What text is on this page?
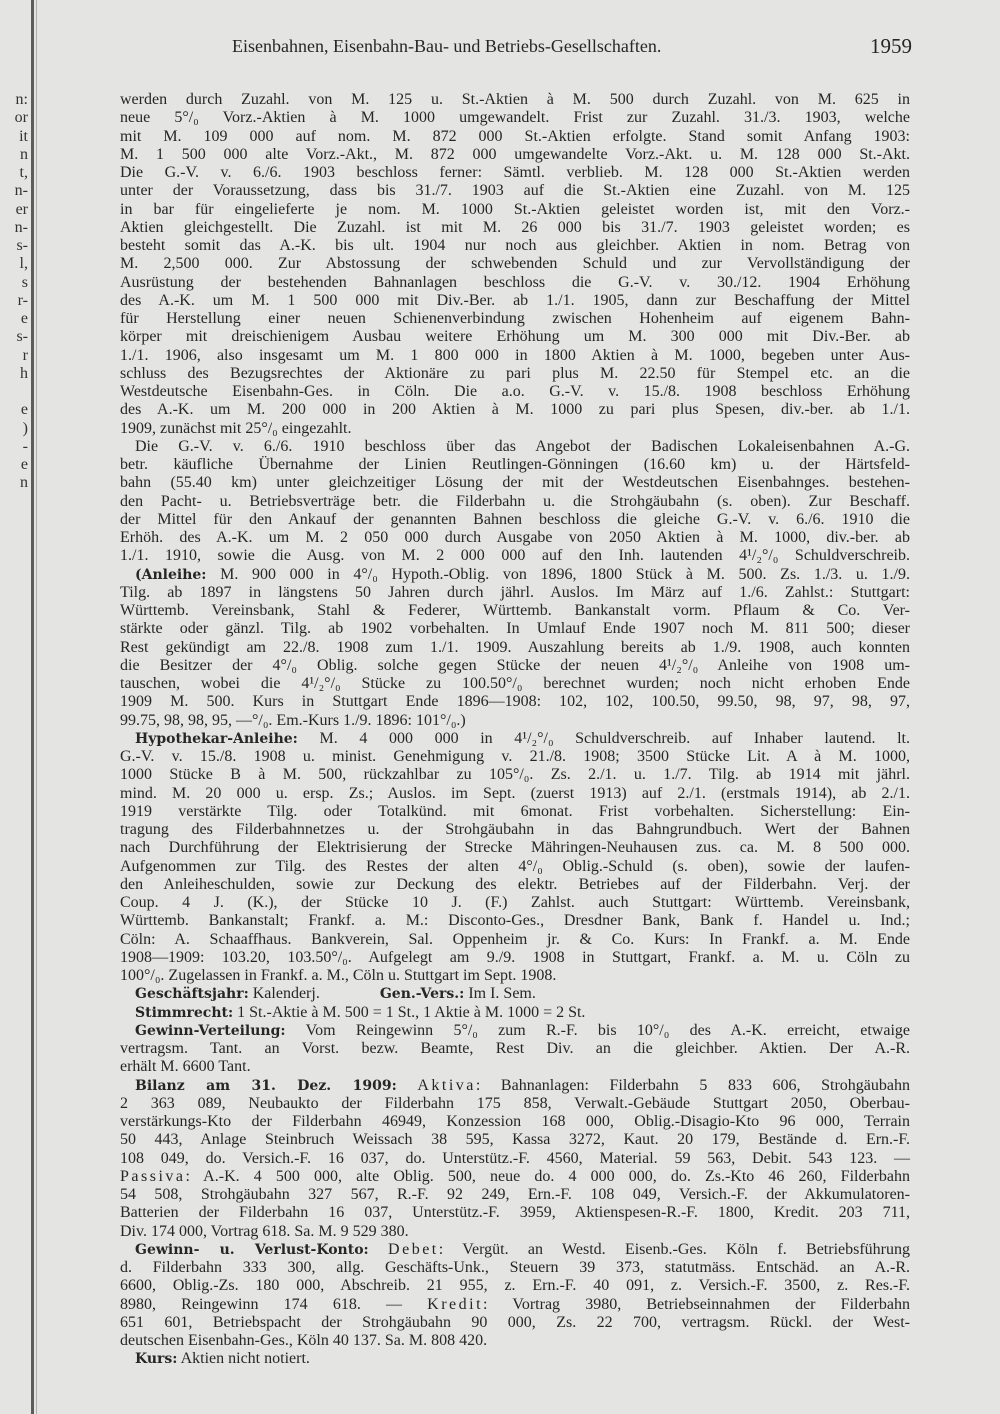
n:
or
it
n
t,
n-
er
n-
s-
l,
s
r-
e
s-
r
h
e
)
-
e
n
Eisenbahnen, Eisenbahn-Bau- und Betriebs-Gesellschaften.	1959
werden durch Zuzahl. von M. 125 u. St.-Aktien à M. 500 durch Zuzahl. von M. 625 in
neue 5°/₀ Vorz.-Aktien à M. 1000 umgewandelt. Frist zur Zuzahl. 31./3. 1903, welche
mit M. 109 000 auf nom. M. 872 000 St.-Aktien erfolgte. Stand somit Anfang 1903:
M. 1 500 000 alte Vorz.-Akt., M. 872 000 umgewandelte Vorz.-Akt. u. M. 128 000 St.-Akt.
Die G.-V. v. 6./6. 1903 beschloss ferner: Sämtl. verblieb. M. 128 000 St.-Aktien werden
unter der Voraussetzung, dass bis 31./7. 1903 auf die St.-Aktien eine Zuzahl. von M. 125
in bar für eingelieferte je nom. M. 1000 St.-Aktien geleistet worden ist, mit den Vorz.-
Aktien gleichgestellt. Die Zuzahl. ist mit M. 26 000 bis 31./7. 1903 geleistet worden; es
besteht somit das A.-K. bis ult. 1904 nur noch aus gleichber. Aktien in nom. Betrag von
M. 2,500 000. Zur Abstossung der schwebenden Schuld und zur Vervollständigung der
Ausrüstung der bestehenden Bahnanlagen beschloss die G.-V. v. 30./12. 1904 Erhöhung
des A.-K. um M. 1 500 000 mit Div.-Ber. ab 1./1. 1905, dann zur Beschaffung der Mittel
für Herstellung einer neuen Schienenverbindung zwischen Hohenheim auf eigenem Bahn-
körper mit dreischienigem Ausbau weitere Erhöhung um M. 300 000 mit Div.-Ber. ab
1./1. 1906, also insgesamt um M. 1 800 000 in 1800 Aktien à M. 1000, begeben unter Aus-
schluss des Bezugsrechtes der Aktionäre zu pari plus M. 22.50 für Stempel etc. an die
Westdeutsche Eisenbahn-Ges. in Cöln. Die a.o. G.-V. v. 15./8. 1908 beschloss Erhöhung
des A.-K. um M. 200 000 in 200 Aktien à M. 1000 zu pari plus Spesen, div.-ber. ab 1./1.
1909, zunächst mit 25°/₀ eingezahlt.
Die G.-V. v. 6./6. 1910 beschloss über das Angebot der Badischen Lokaleisenbahnen A.-G.
betr. käufliche Übernahme der Linien Reutlingen-Gönningen (16.60 km) u. der Härtsfeld-
bahn (55.40 km) unter gleichzeitiger Lösung der mit der Westdeutschen Eisenbahnges. bestehen-
den Pacht- u. Betriebsverträge betr. die Filderbahn u. die Strohgäubahn (s. oben). Zur Beschaff.
der Mittel für den Ankauf der genannten Bahnen beschloss die gleiche G.-V. v. 6./6. 1910 die
Erhöh. des A.-K. um M. 2 050 000 durch Ausgabe von 2050 Aktien à M. 1000, div.-ber. ab
1./1. 1910, sowie die Ausg. von M. 2 000 000 auf den Inh. lautenden 4¹/₂°/₀ Schuldverschreib.
(Anleihe: M. 900 000 in 4°/₀ Hypoth.-Oblig. von 1896, 1800 Stück à M. 500. Zs. 1./3. u. 1./9.
Tilg. ab 1897 in längstens 50 Jahren durch jährl. Auslos. Im März auf 1./6. Zahlst.: Stuttgart:
Württemb. Vereinsbank, Stahl & Federer, Württemb. Bankanstalt vorm. Pflaum & Co. Ver-
stärkte oder gänzl. Tilg. ab 1902 vorbehalten. In Umlauf Ende 1907 noch M. 811 500; dieser
Rest gekündigt am 22./8. 1908 zum 1./1. 1909. Auszahlung bereits ab 1./9. 1908, auch konnten
die Besitzer der 4°/₀ Oblig. solche gegen Stücke der neuen 4¹/₂°/₀ Anleihe von 1908 um-
tauschen, wobei die 4¹/₂°/₀ Stücke zu 100.50°/₀ berechnet wurden; noch nicht erhoben Ende
1909 M. 500. Kurs in Stuttgart Ende 1896—1908: 102, 102, 100.50, 99.50, 98, 97, 98, 97,
99.75, 98, 98, 95, —°/₀. Em.-Kurs 1./9. 1896: 101°/₀.)
Hypothekar-Anleihe: M. 4 000 000 in 4¹/₂°/₀ Schuldverschreib. auf Inhaber lautend. lt.
G.-V. v. 15./8. 1908 u. minist. Genehmigung v. 21./8. 1908; 3500 Stücke Lit. A à M. 1000,
1000 Stücke B à M. 500, rückzahlbar zu 105°/₀. Zs. 2./1. u. 1./7. Tilg. ab 1914 mit jährl.
mind. M. 20 000 u. ersp. Zs.; Auslos. im Sept. (zuerst 1913) auf 2./1. (erstmals 1914), ab 2./1.
1919 verstärkte Tilg. oder Totalkünd. mit 6monat. Frist vorbehalten. Sicherstellung: Ein-
tragung des Filderbahnnetzes u. der Strohgäubahn in das Bahngrundbuch. Wert der Bahnen
nach Durchführung der Elektrisierung der Strecke Mähringen-Neuhausen zus. ca. M. 8 500 000.
Aufgenommen zur Tilg. des Restes der alten 4°/₀ Oblig.-Schuld (s. oben), sowie der laufen-
den Anleiheschulden, sowie zur Deckung des elektr. Betriebes auf der Filderbahn. Verj. der
Coup. 4 J. (K.), der Stücke 10 J. (F.) Zahlst. auch Stuttgart: Württemb. Vereinsbank,
Württemb. Bankanstalt; Frankf. a. M.: Disconto-Ges., Dresdner Bank, Bank f. Handel u. Ind.;
Cöln: A. Schaaffhaus. Bankverein, Sal. Oppenheim jr. & Co. Kurs: In Frankf. a. M. Ende
1908—1909: 103.20, 103.50°/₀. Aufgelegt am 9./9. 1908 in Stuttgart, Frankf. a. M. u. Cöln zu
100°/₀. Zugelassen in Frankf. a. M., Cöln u. Stuttgart im Sept. 1908.
Geschäftsjahr: Kalenderj.	Gen.-Vers.: Im I. Sem.
Stimmrecht: 1 St.-Aktie à M. 500 = 1 St., 1 Aktie à M. 1000 = 2 St.
Gewinn-Verteilung: Vom Reingewinn 5°/₀ zum R.-F. bis 10°/₀ des A.-K. erreicht, etwaige
vertragsm. Tant. an Vorst. bezw. Beamte, Rest Div. an die gleichber. Aktien. Der A.-R.
erhält M. 6600 Tant.
Bilanz am 31. Dez. 1909: Aktiva: Bahnanlagen: Filderbahn 5 833 606, Strohgäubahn
2 363 089, Neubaukto der Filderbahn 175 858, Verwalt.-Gebäude Stuttgart 2050, Oberbau-
verstärkungs-Kto der Filderbahn 46949, Konzession 168 000, Oblig.-Disagio-Kto 96 000, Terrain
50 443, Anlage Steinbruch Weissach 38 595, Kassa 3272, Kaut. 20 179, Bestände d. Ern.-F.
108 049, do. Versich.-F. 16 037, do. Unterstütz.-F. 4560, Material. 59 563, Debit. 543 123. —
Passiva: A.-K. 4 500 000, alte Oblig. 500, neue do. 4 000 000, do. Zs.-Kto 46 260, Filderbahn
54 508, Strohgäubahn 327 567, R.-F. 92 249, Ern.-F. 108 049, Versich.-F. der Akkumulatoren-
Batterien der Filderbahn 16 037, Unterstütz.-F. 3959, Aktienspesen-R.-F. 1800, Kredit. 203 711,
Div. 174 000, Vortrag 618. Sa. M. 9 529 380.
Gewinn- u. Verlust-Konto: Debet: Vergüt. an Westd. Eisenb.-Ges. Köln f. Betriebsführung
d. Filderbahn 333 300, allg. Geschäfts-Unk., Steuern 39 373, statutmäss. Entschäd. an A.-R.
6600, Oblig.-Zs. 180 000, Abschreib. 21 955, z. Ern.-F. 40 091, z. Versich.-F. 3500, z. Res.-F.
8980, Reingewinn 174 618. — Kredit: Vortrag 3980, Betriebseinnahmen der Filderbahn
651 601, Betriebspacht der Strohgäubahn 90 000, Zs. 22 700, vertragsm. Rückl. der West-
deutschen Eisenbahn-Ges., Köln 40 137. Sa. M. 808 420.
Kurs: Aktien nicht notiert.
